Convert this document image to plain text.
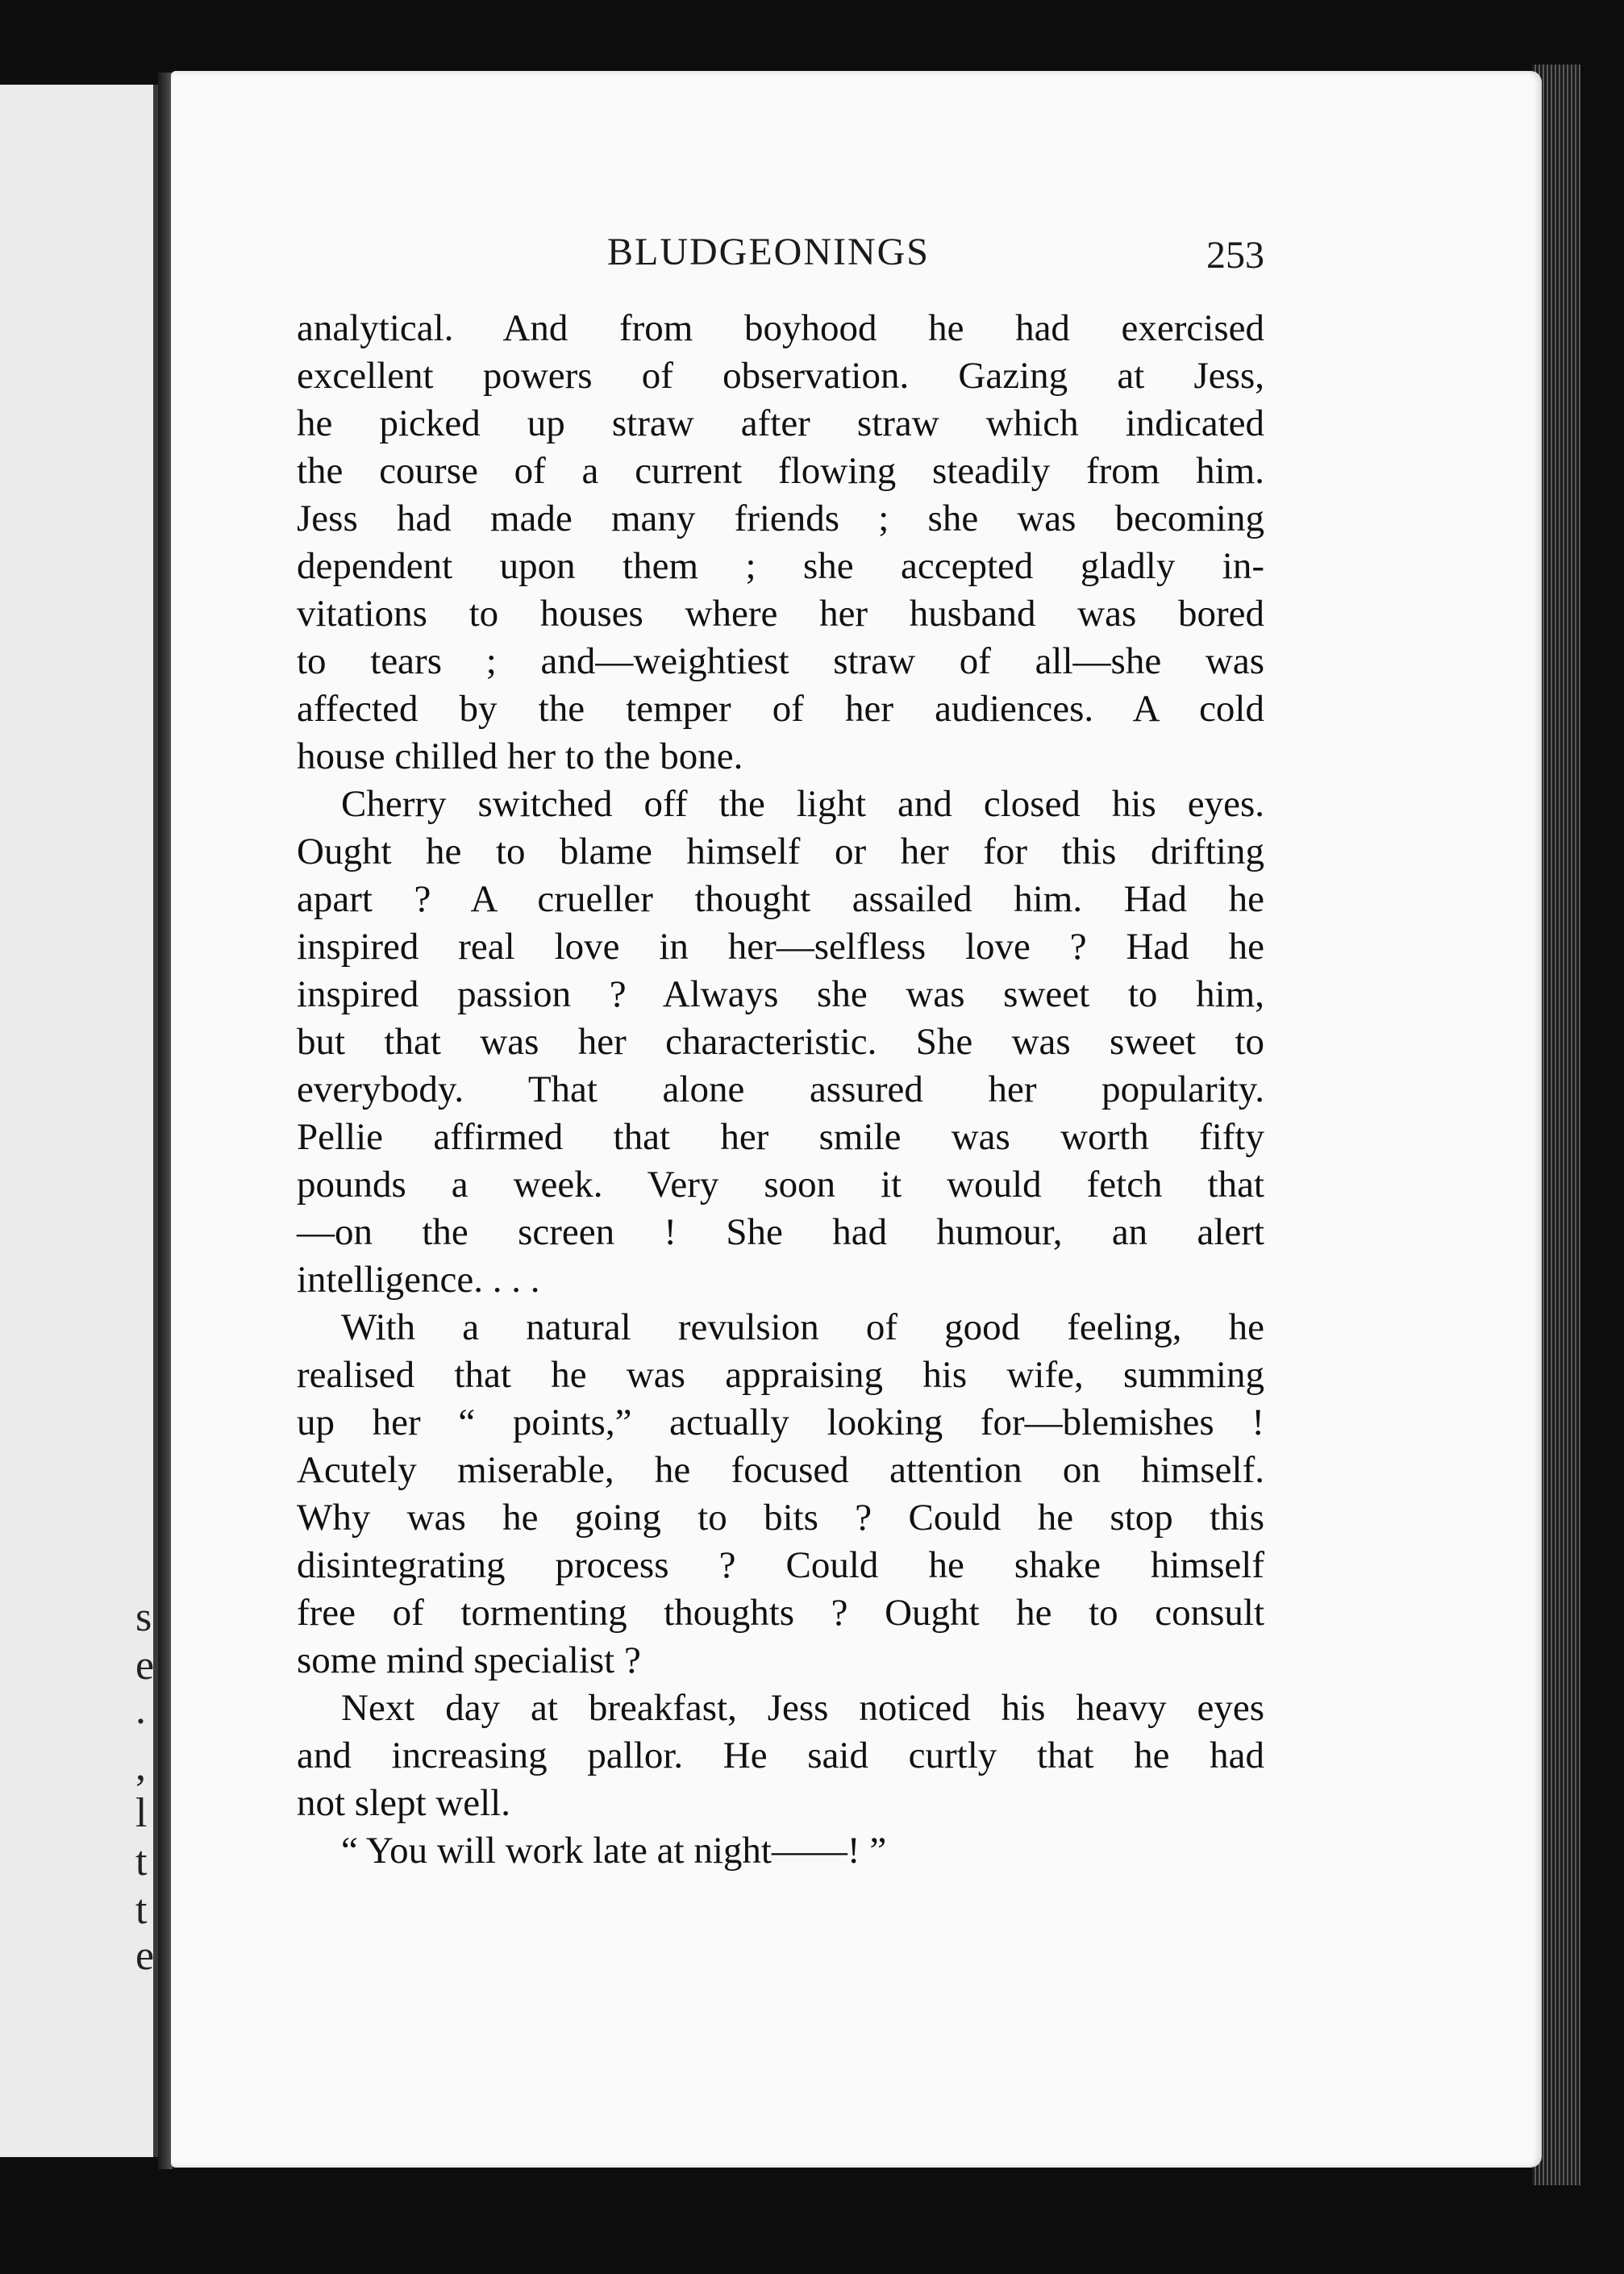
s
e
.
,
l
t
t
e
BLUDGEONINGS	253

analytical. And from boyhood he had exercised
excellent powers of observation. Gazing at Jess,
he picked up straw after straw which indicated
the course of a current flowing steadily from him.
Jess had made many friends ; she was becoming
dependent upon them ; she accepted gladly in-
vitations to houses where her husband was bored
to tears ; and—weightiest straw of all—she was
affected by the temper of her audiences. A cold
house chilled her to the bone.

Cherry switched off the light and closed his eyes.
Ought he to blame himself or her for this drifting
apart ? A crueller thought assailed him. Had he
inspired real love in her—selfless love ? Had he
inspired passion ? Always she was sweet to him,
but that was her characteristic. She was sweet to
everybody. That alone assured her popularity.
Pellie affirmed that her smile was worth fifty
pounds a week. Very soon it would fetch that
—on the screen ! She had humour, an alert
intelligence. . . .

With a natural revulsion of good feeling, he
realised that he was appraising his wife, summing
up her “ points,” actually looking for—blemishes !
Acutely miserable, he focused attention on himself.
Why was he going to bits ? Could he stop this
disintegrating process ? Could he shake himself
free of tormenting thoughts ? Ought he to consult
some mind specialist ?

Next day at breakfast, Jess noticed his heavy eyes
and increasing pallor. He said curtly that he had
not slept well.

“ You will work late at night——! ”
